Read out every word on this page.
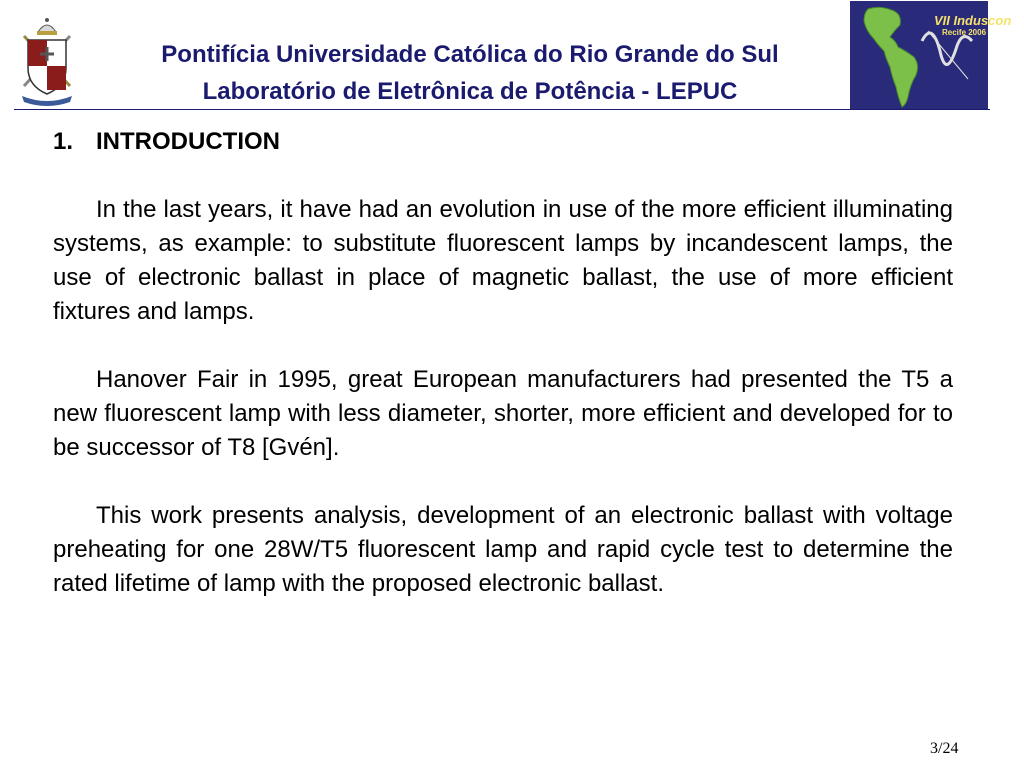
Pontifícia Universidade Católica do Rio Grande do Sul
Laboratório de Eletrônica de Potência - LEPUC
VII Induscon
Recife 2006
1. INTRODUCTION

In the last years, it have had an evolution in use of the more efficient illuminating systems, as example: to substitute fluorescent lamps by incandescent lamps, the use of electronic ballast in place of magnetic ballast, the use of more efficient fixtures and lamps.

Hanover Fair in 1995, great European manufacturers had presented the T5 a new fluorescent lamp with less diameter, shorter, more efficient and developed for to be successor of T8 [Gvén].

This work presents analysis, development of an electronic ballast with voltage preheating for one 28W/T5 fluorescent lamp and rapid cycle test to determine the rated lifetime of lamp with the proposed electronic ballast.

3/24
